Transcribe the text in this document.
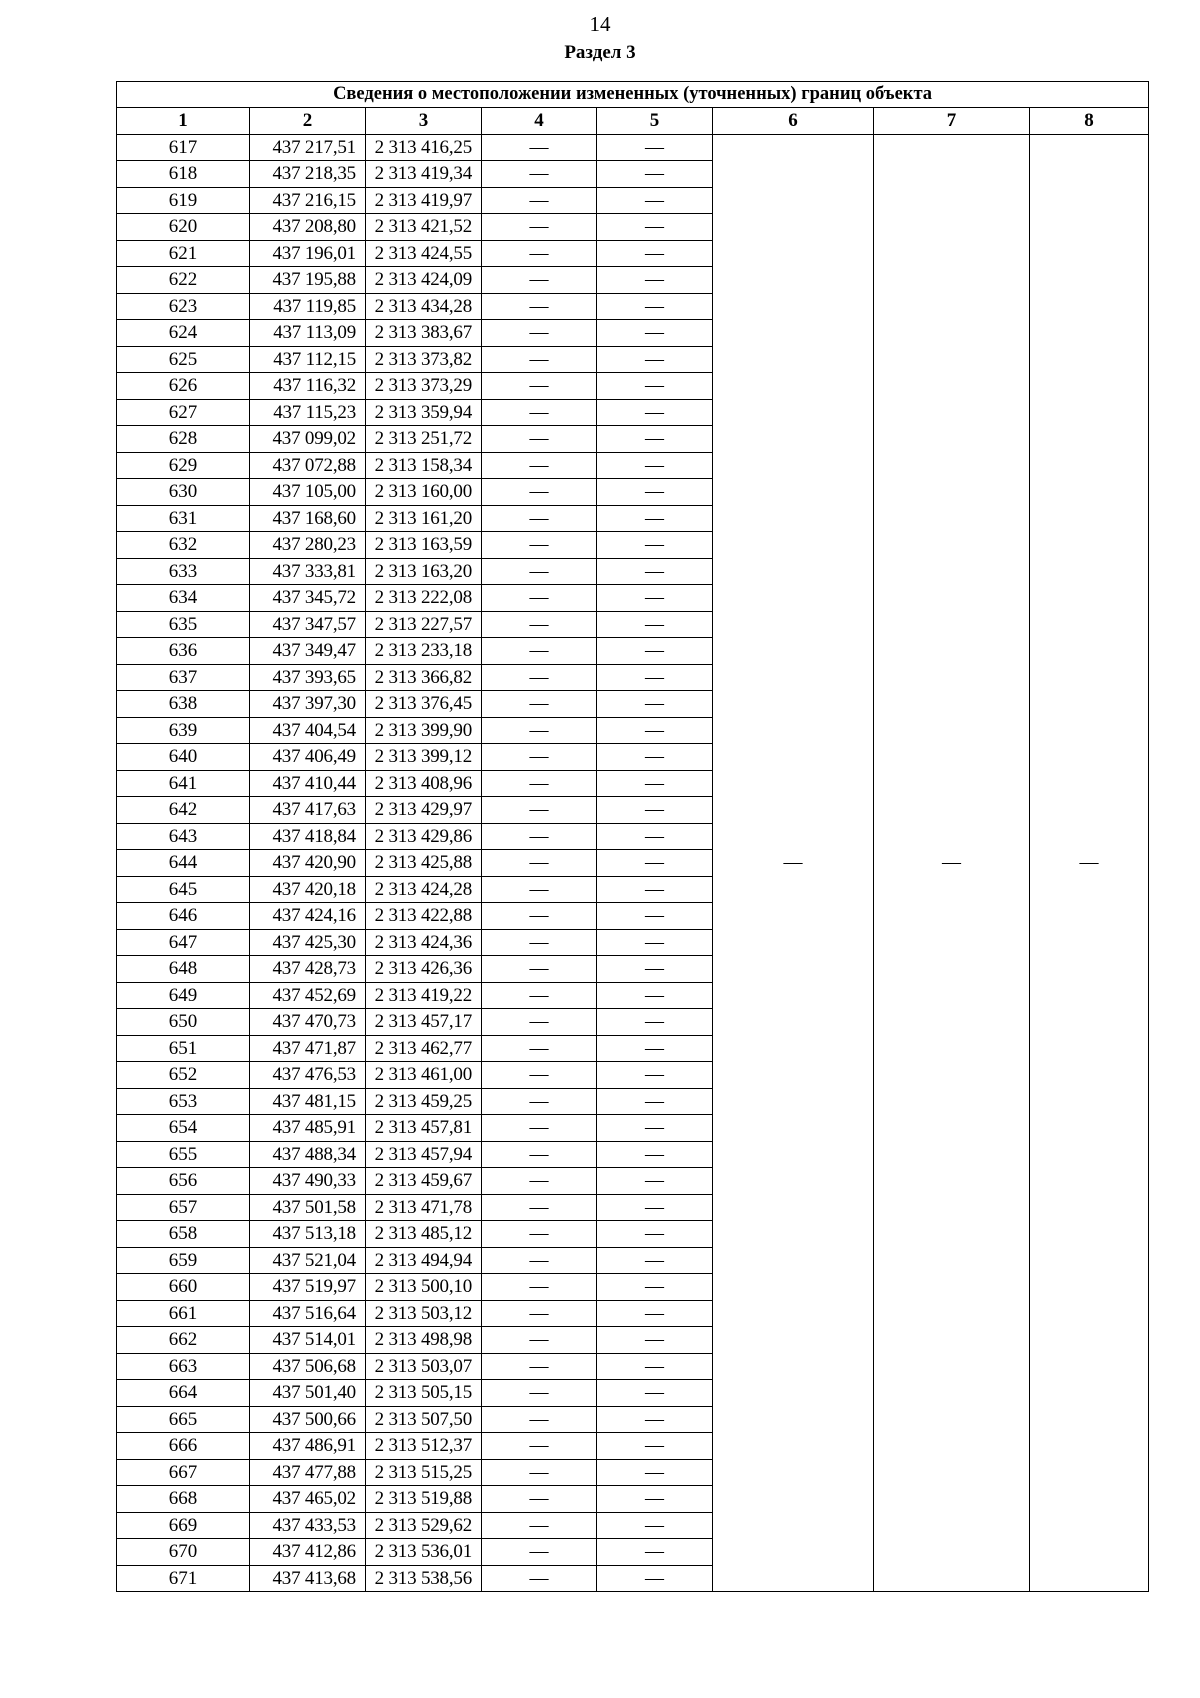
14
Раздел 3
Сведения о местоположении измененных (уточненных) границ объекта							
1	2	3	4	5	6	7	8
617	437 217,51	2 313 416,25	—	—	—	—	—
618	437 218,35	2 313 419,34	—	—			
619	437 216,15	2 313 419,97	—	—			
620	437 208,80	2 313 421,52	—	—			
621	437 196,01	2 313 424,55	—	—			
622	437 195,88	2 313 424,09	—	—			
623	437 119,85	2 313 434,28	—	—			
624	437 113,09	2 313 383,67	—	—			
625	437 112,15	2 313 373,82	—	—			
626	437 116,32	2 313 373,29	—	—			
627	437 115,23	2 313 359,94	—	—			
628	437 099,02	2 313 251,72	—	—			
629	437 072,88	2 313 158,34	—	—			
630	437 105,00	2 313 160,00	—	—			
631	437 168,60	2 313 161,20	—	—			
632	437 280,23	2 313 163,59	—	—			
633	437 333,81	2 313 163,20	—	—			
634	437 345,72	2 313 222,08	—	—			
635	437 347,57	2 313 227,57	—	—			
636	437 349,47	2 313 233,18	—	—			
637	437 393,65	2 313 366,82	—	—			
638	437 397,30	2 313 376,45	—	—			
639	437 404,54	2 313 399,90	—	—			
640	437 406,49	2 313 399,12	—	—			
641	437 410,44	2 313 408,96	—	—			
642	437 417,63	2 313 429,97	—	—			
643	437 418,84	2 313 429,86	—	—			
644	437 420,90	2 313 425,88	—	—			
645	437 420,18	2 313 424,28	—	—			
646	437 424,16	2 313 422,88	—	—			
647	437 425,30	2 313 424,36	—	—			
648	437 428,73	2 313 426,36	—	—			
649	437 452,69	2 313 419,22	—	—			
650	437 470,73	2 313 457,17	—	—			
651	437 471,87	2 313 462,77	—	—			
652	437 476,53	2 313 461,00	—	—			
653	437 481,15	2 313 459,25	—	—			
654	437 485,91	2 313 457,81	—	—			
655	437 488,34	2 313 457,94	—	—			
656	437 490,33	2 313 459,67	—	—			
657	437 501,58	2 313 471,78	—	—			
658	437 513,18	2 313 485,12	—	—			
659	437 521,04	2 313 494,94	—	—			
660	437 519,97	2 313 500,10	—	—			
661	437 516,64	2 313 503,12	—	—			
662	437 514,01	2 313 498,98	—	—			
663	437 506,68	2 313 503,07	—	—			
664	437 501,40	2 313 505,15	—	—			
665	437 500,66	2 313 507,50	—	—			
666	437 486,91	2 313 512,37	—	—			
667	437 477,88	2 313 515,25	—	—			
668	437 465,02	2 313 519,88	—	—			
669	437 433,53	2 313 529,62	—	—			
670	437 412,86	2 313 536,01	—	—			
671	437 413,68	2 313 538,56	—	—			
